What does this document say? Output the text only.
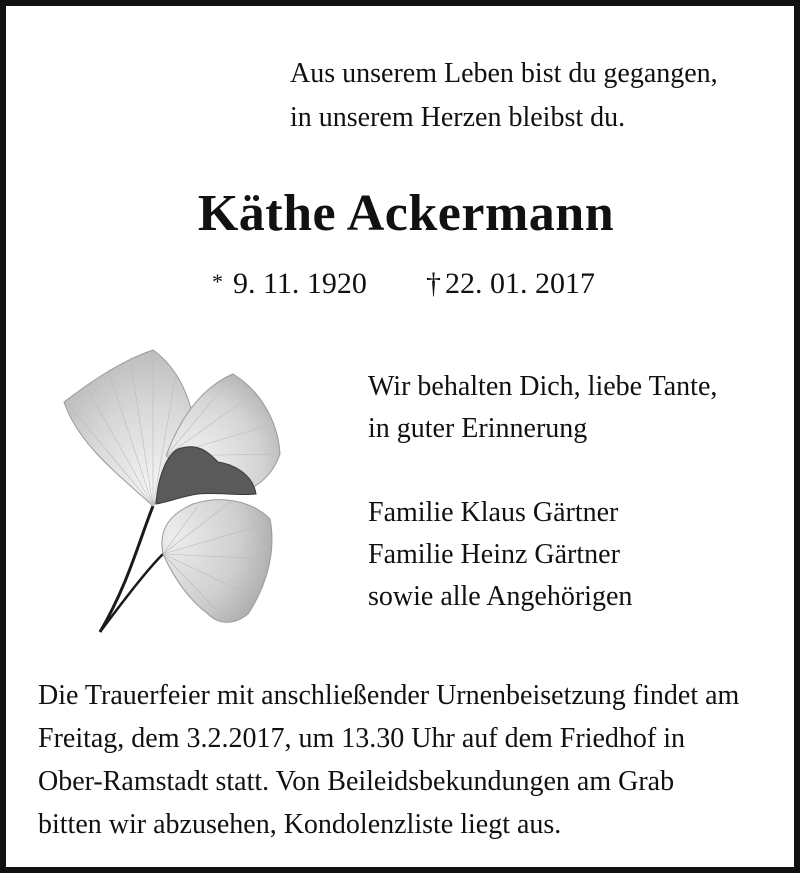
Aus unserem Leben bist du gegangen,
in unserem Herzen bleibst du.
Käthe Ackermann
* 9. 11. 1920 † 22. 01. 2017
Wir behalten Dich, liebe Tante,
in guter Erinnerung
Familie Klaus Gärtner
Familie Heinz Gärtner
sowie alle Angehörigen
Die Trauerfeier mit anschließender Urnenbeisetzung findet am
Freitag, dem 3.2.2017, um 13.30 Uhr auf dem Friedhof in
Ober-Ramstadt statt. Von Beileidsbekundungen am Grab
bitten wir abzusehen, Kondolenzliste liegt aus.
